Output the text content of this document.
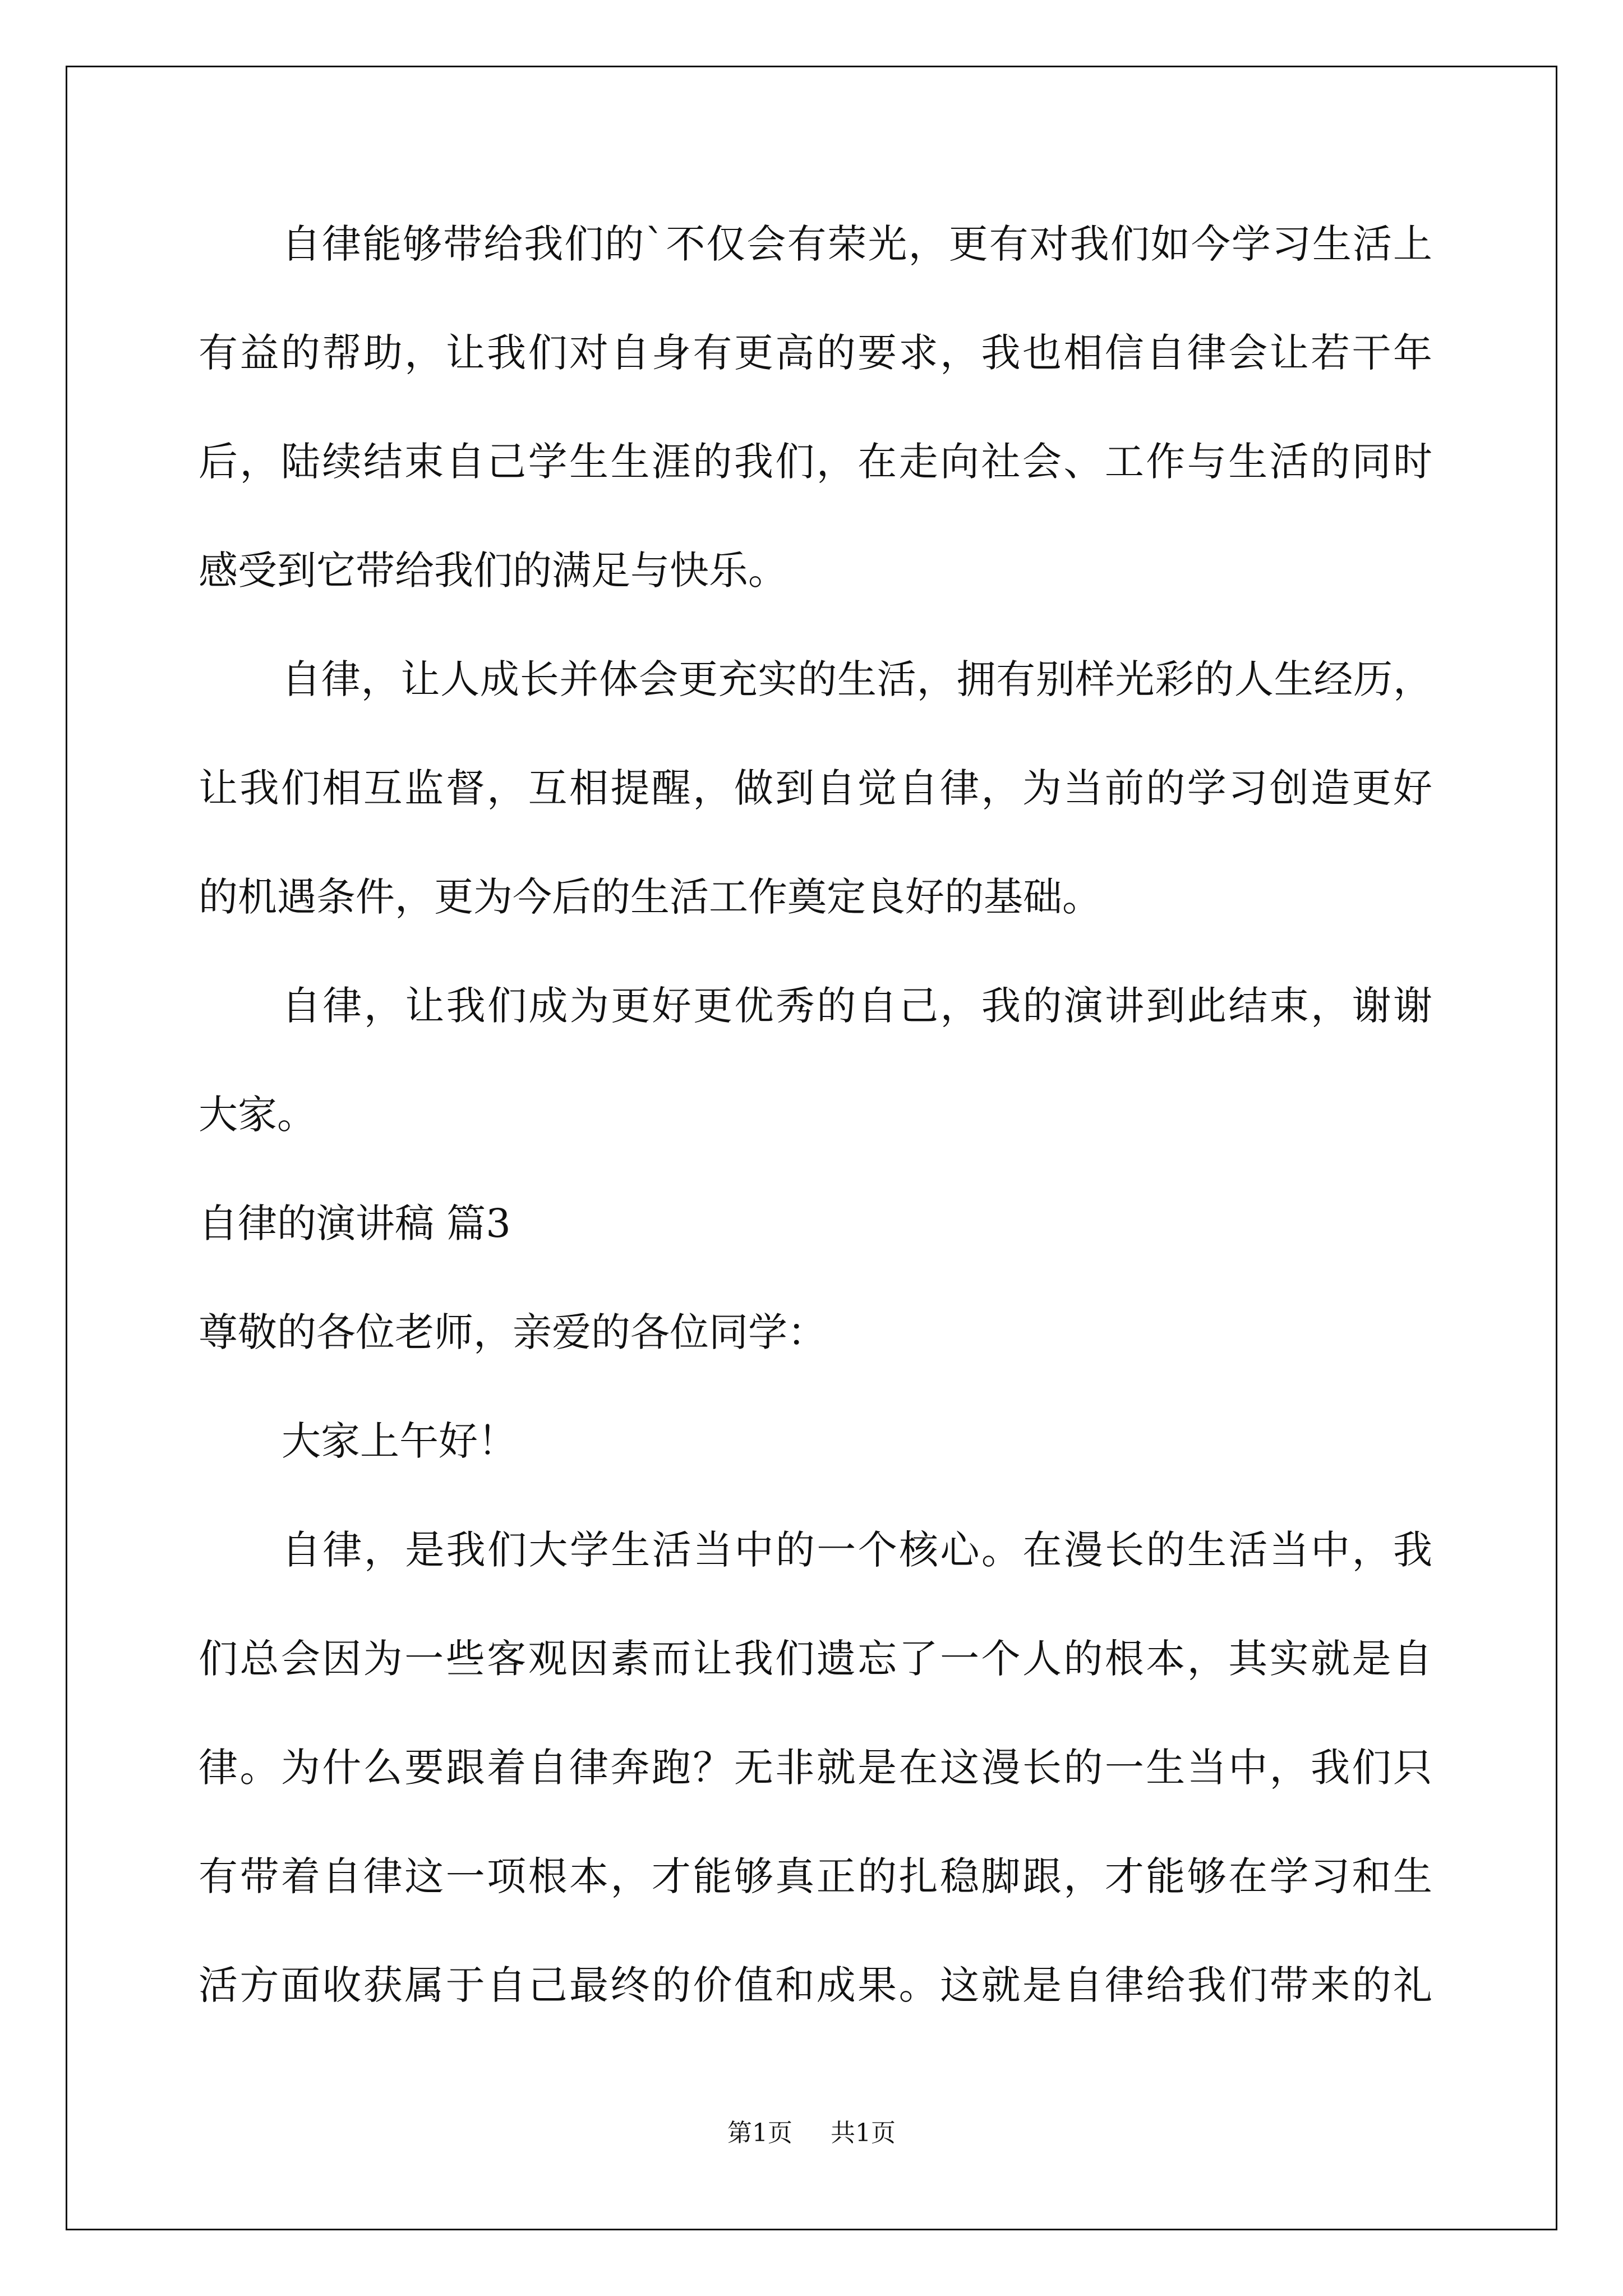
自律能够带给我们的`不仅会有荣光，更有对我们如今学习生活上
有益的帮助，让我们对自身有更高的要求，我也相信自律会让若干年
后，陆续结束自己学生生涯的我们，在走向社会、工作与生活的同时
感受到它带给我们的满足与快乐。
自律，让人成长并体会更充实的生活，拥有别样光彩的人生经历，
让我们相互监督，互相提醒，做到自觉自律，为当前的学习创造更好
的机遇条件，更为今后的生活工作奠定良好的基础。
自律，让我们成为更好更优秀的自己，我的演讲到此结束，谢谢
大家。
自律的演讲稿 篇3
尊敬的各位老师，亲爱的各位同学：
大家上午好！
自律，是我们大学生活当中的一个核心。在漫长的生活当中，我
们总会因为一些客观因素而让我们遗忘了一个人的根本，其实就是自
律。为什么要跟着自律奔跑？无非就是在这漫长的一生当中，我们只
有带着自律这一项根本，才能够真正的扎稳脚跟，才能够在学习和生
活方面收获属于自己最终的价值和成果。这就是自律给我们带来的礼
第1页 共1页
